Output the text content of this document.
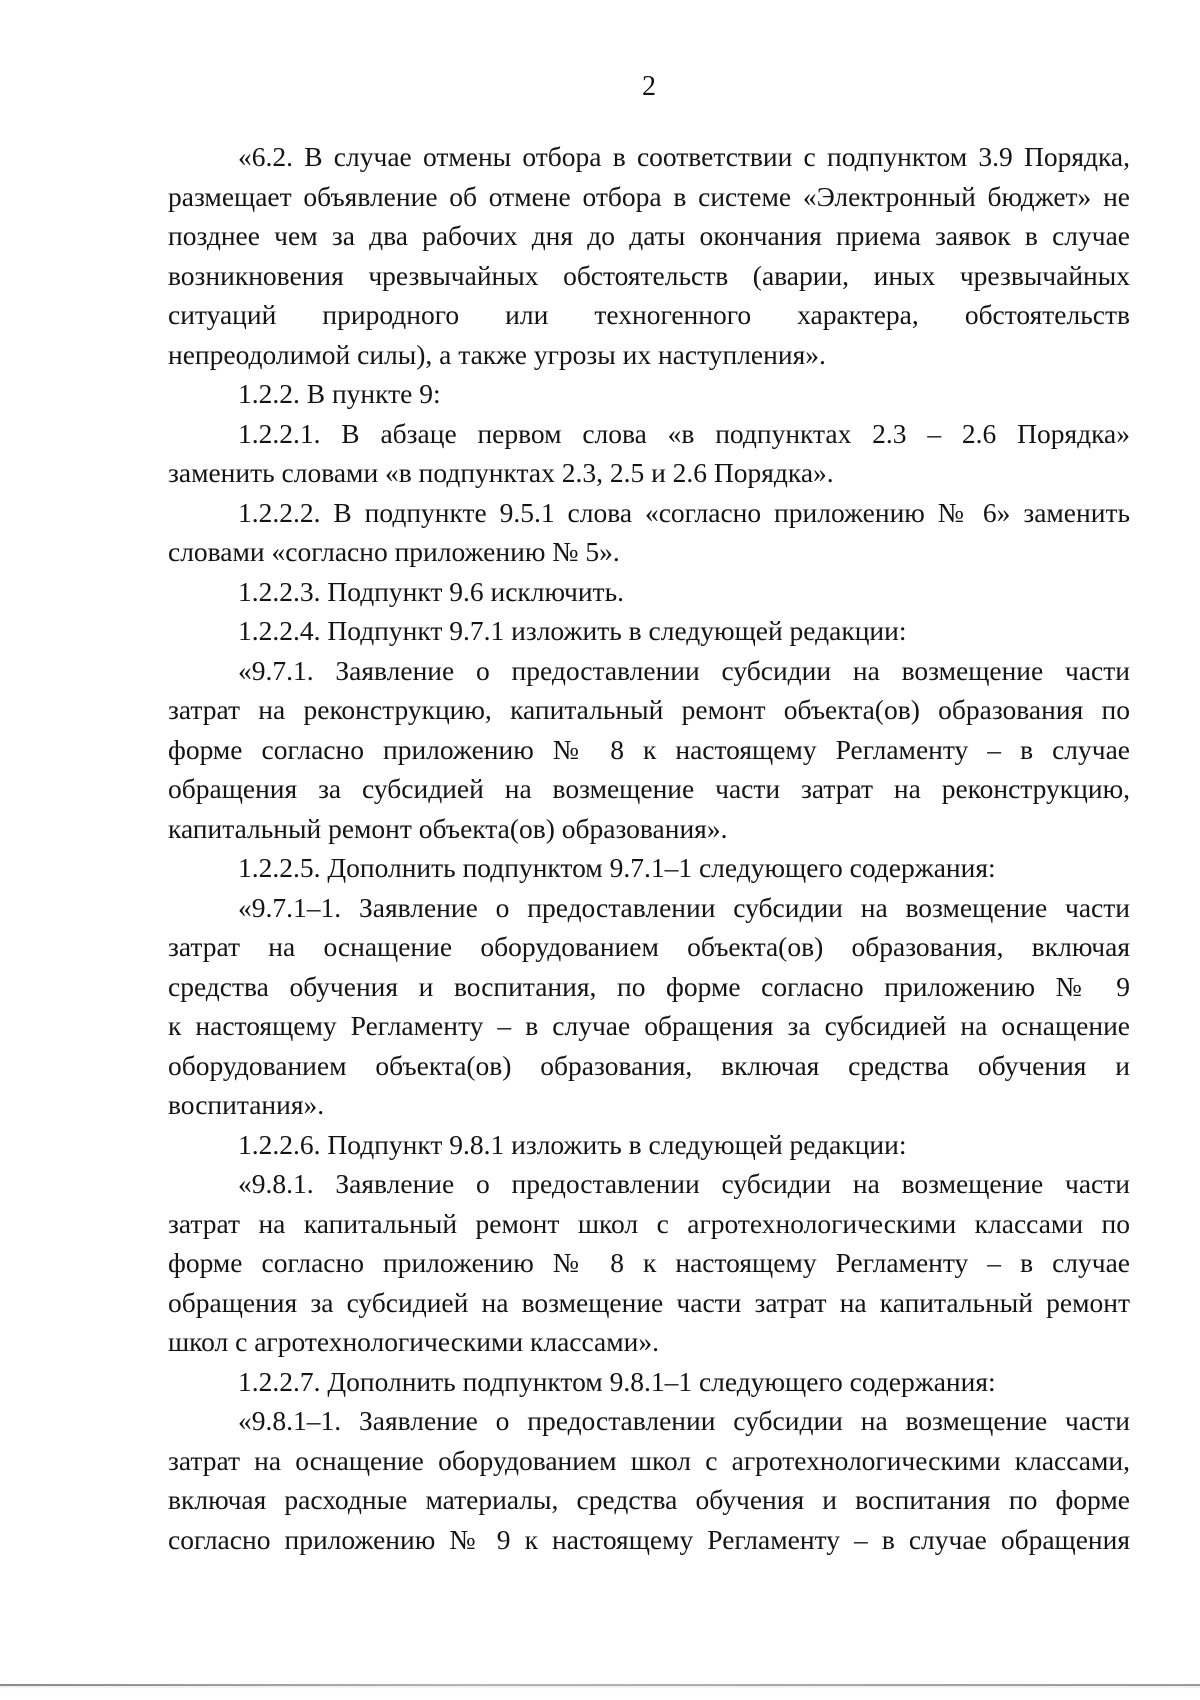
2
«6.2. В случае отмены отбора в соответствии с подпунктом 3.9 Порядка,
размещает объявление об отмене отбора в системе «Электронный бюджет» не
позднее чем за два рабочих дня до даты окончания приема заявок в случае
возникновения чрезвычайных обстоятельств (аварии, иных чрезвычайных
ситуаций природного или техногенного характера, обстоятельств
непреодолимой силы), а также угрозы их наступления».
1.2.2. В пункте 9:
1.2.2.1. В абзаце первом слова «в подпунктах 2.3 – 2.6 Порядка»
заменить словами «в подпунктах 2.3, 2.5 и 2.6 Порядка».
1.2.2.2. В подпункте 9.5.1 слова «согласно приложению № 6» заменить
словами «согласно приложению № 5».
1.2.2.3. Подпункт 9.6 исключить.
1.2.2.4. Подпункт 9.7.1 изложить в следующей редакции:
«9.7.1. Заявление о предоставлении субсидии на возмещение части
затрат на реконструкцию, капитальный ремонт объекта(ов) образования по
форме согласно приложению № 8 к настоящему Регламенту – в случае
обращения за субсидией на возмещение части затрат на реконструкцию,
капитальный ремонт объекта(ов) образования».
1.2.2.5. Дополнить подпунктом 9.7.1–1 следующего содержания:
«9.7.1–1. Заявление о предоставлении субсидии на возмещение части
затрат на оснащение оборудованием объекта(ов) образования, включая
средства обучения и воспитания, по форме согласно приложению № 9
к настоящему Регламенту – в случае обращения за субсидией на оснащение
оборудованием объекта(ов) образования, включая средства обучения и
воспитания».
1.2.2.6. Подпункт 9.8.1 изложить в следующей редакции:
«9.8.1. Заявление о предоставлении субсидии на возмещение части
затрат на капитальный ремонт школ с агротехнологическими классами по
форме согласно приложению № 8 к настоящему Регламенту – в случае
обращения за субсидией на возмещение части затрат на капитальный ремонт
школ с агротехнологическими классами».
1.2.2.7. Дополнить подпунктом 9.8.1–1 следующего содержания:
«9.8.1–1. Заявление о предоставлении субсидии на возмещение части
затрат на оснащение оборудованием школ с агротехнологическими классами,
включая расходные материалы, средства обучения и воспитания по форме
согласно приложению № 9 к настоящему Регламенту – в случае обращения
